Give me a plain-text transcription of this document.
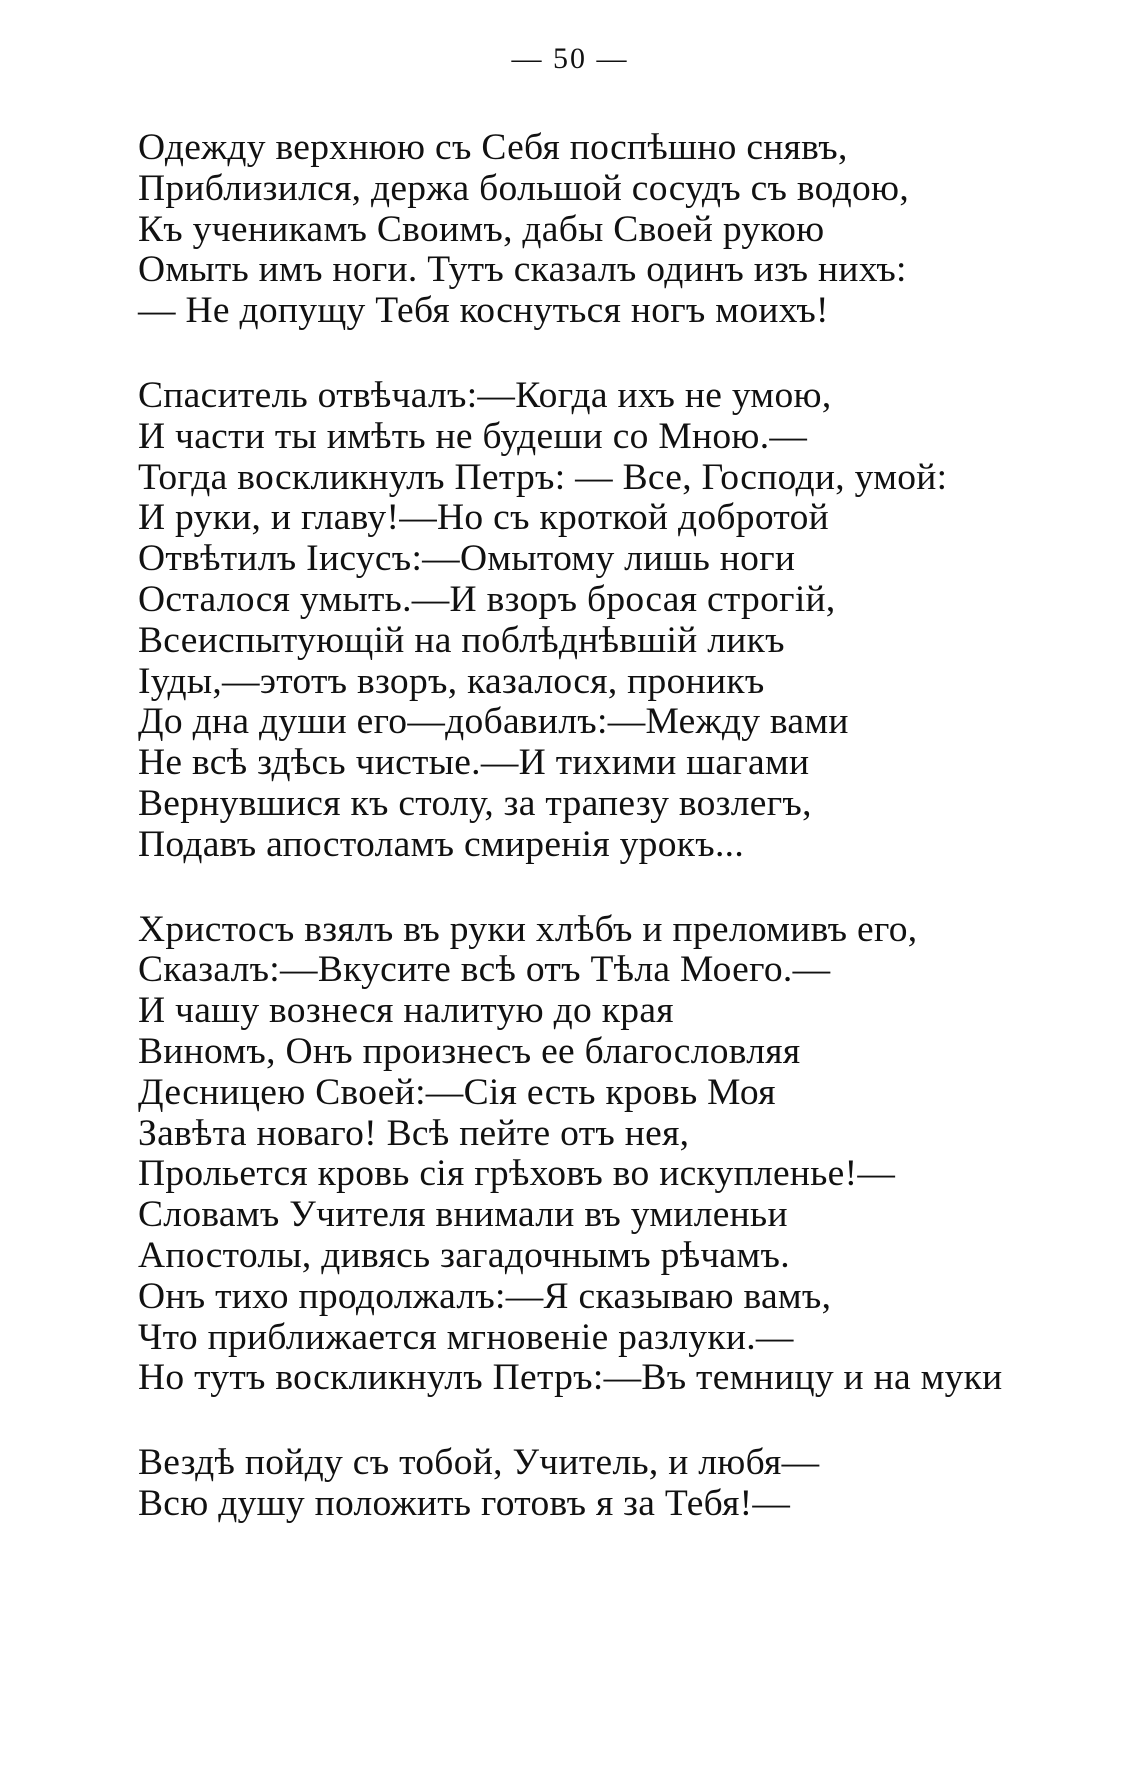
— 50 —
Одежду верхнюю съ Себя поспѣшно снявъ,
Приблизился, держа большой сосудъ съ водою,
Къ ученикамъ Своимъ, дабы Своей рукою
Омыть имъ ноги. Тутъ сказалъ одинъ изъ нихъ:
— Не допущу Тебя коснуться ногъ моихъ!
Спаситель отвѣчалъ:—Когда ихъ не умою,
И части ты имѣть не будеши со Мною.—
Тогда воскликнулъ Петръ: — Все, Господи, умой:
И руки, и главу!—Но съ кроткой добротой
Отвѣтилъ Іисусъ:—Омытому лишь ноги
Осталося умыть.—И взоръ бросая строгій,
Всеиспытующій на поблѣднѣвшій ликъ
Іуды,—этотъ взоръ, казалося, проникъ
До дна души его—добавилъ:—Между вами
Не всѣ здѣсь чистые.—И тихими шагами
Вернувшися къ столу, за трапезу возлегъ,
Подавъ апостоламъ смиренія урокъ...
Христосъ взялъ въ руки хлѣбъ и преломивъ его,
Сказалъ:—Вкусите всѣ отъ Тѣла Моего.—
И чашу вознеся налитую до края
Виномъ, Онъ произнесъ ее благословляя
Десницею Своей:—Сія есть кровь Моя
Завѣта новаго! Всѣ пейте отъ нея,
Прольется кровь сія грѣховъ во искупленье!—
Словамъ Учителя внимали въ умиленьи
Апостолы, дивясь загадочнымъ рѣчамъ.
Онъ тихо продолжалъ:—Я сказываю вамъ,
Что приближается мгновеніе разлуки.—
Но тутъ воскликнулъ Петръ:—Въ темницу и на муки
Вездѣ пойду съ тобой, Учитель, и любя—
Всю душу положить готовъ я за Тебя!—
